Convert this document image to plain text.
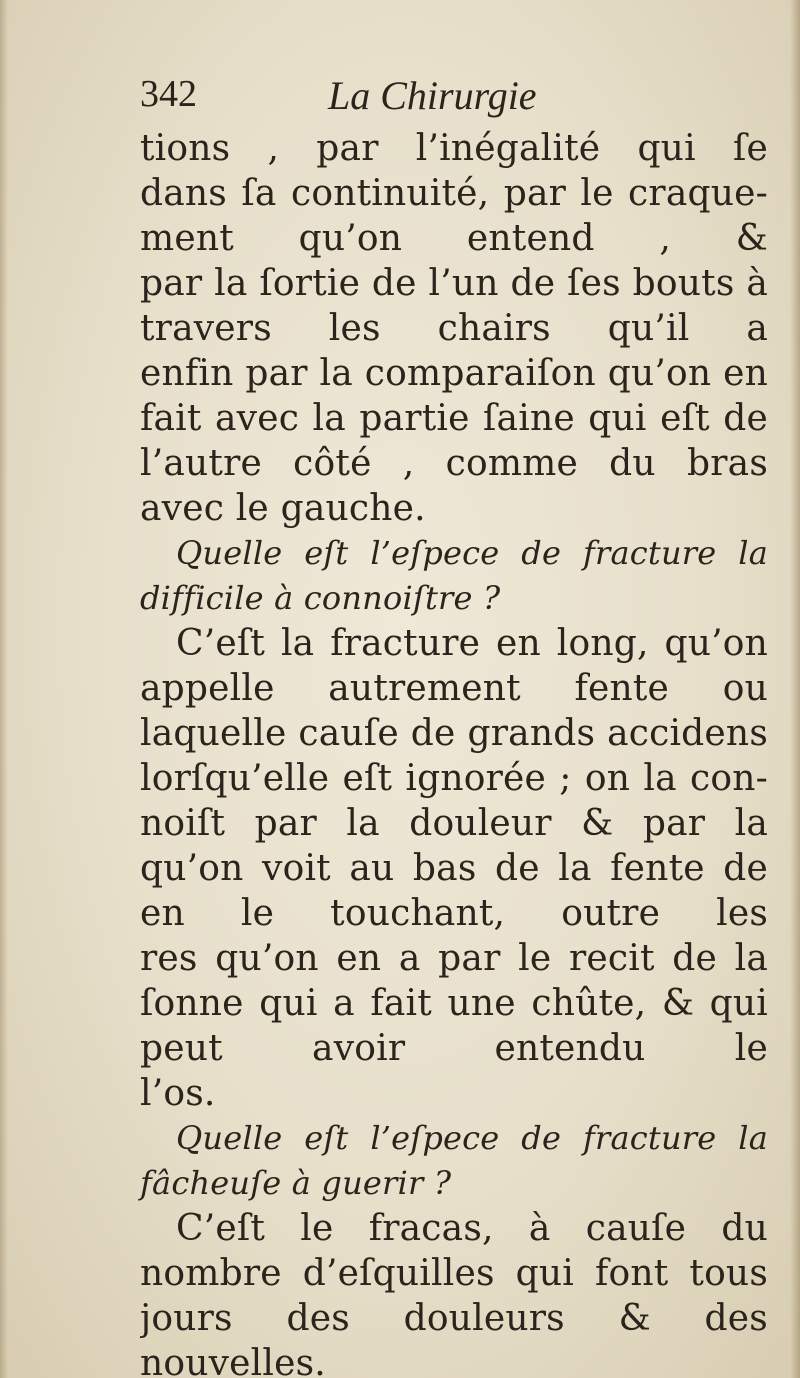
342	La Chirurgie
tions , par l’inégalité qui ſe
dans ſa continuité, par le craque-
ment qu’on entend , &
par la ſortie de l’un de ſes bouts à
travers les chairs qu’il a
enfin par la comparaiſon qu’on en
fait avec la partie ſaine qui eſt de
l’autre côté , comme du bras
avec le gauche.
Quelle eſt l’eſpece de fracture la
difficile à connoiſtre ?
C’eſt la fracture en long, qu’on
appelle autrement fente ou
laquelle cauſe de grands accidens
lorſqu’elle eſt ignorée ; on la con-
noiſt par la douleur & par la
qu’on voit au bas de la fente de
en le touchant, outre les
res qu’on en a par le recit de la
ſonne qui a fait une chûte, & qui
peut avoir entendu le
l’os.
Quelle eſt l’eſpece de fracture la
fâcheuſe à guerir ?
C’eſt le fracas, à cauſe du
nombre d’eſquilles qui font tous
jours des douleurs & des
nouvelles.
